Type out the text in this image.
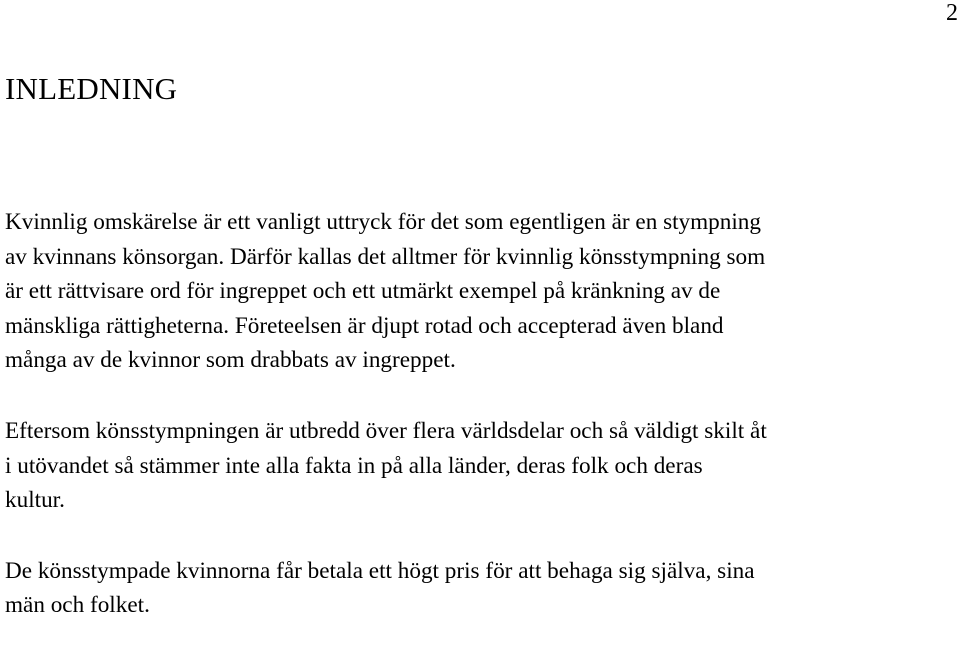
2
INLEDNING

Kvinnlig omskärelse är ett vanligt uttryck för det som egentligen är en stympning
av kvinnans könsorgan. Därför kallas det alltmer för kvinnlig könsstympning som
är ett rättvisare ord för ingreppet och ett utmärkt exempel på kränkning av de
mänskliga rättigheterna. Företeelsen är djupt rotad och accepterad även bland
många av de kvinnor som drabbats av ingreppet.

Eftersom könsstympningen är utbredd över flera världsdelar och så väldigt skilt åt
i utövandet så stämmer inte alla fakta in på alla länder, deras folk och deras
kultur.

De könsstympade kvinnorna får betala ett högt pris för att behaga sig själva, sina
män och folket.
